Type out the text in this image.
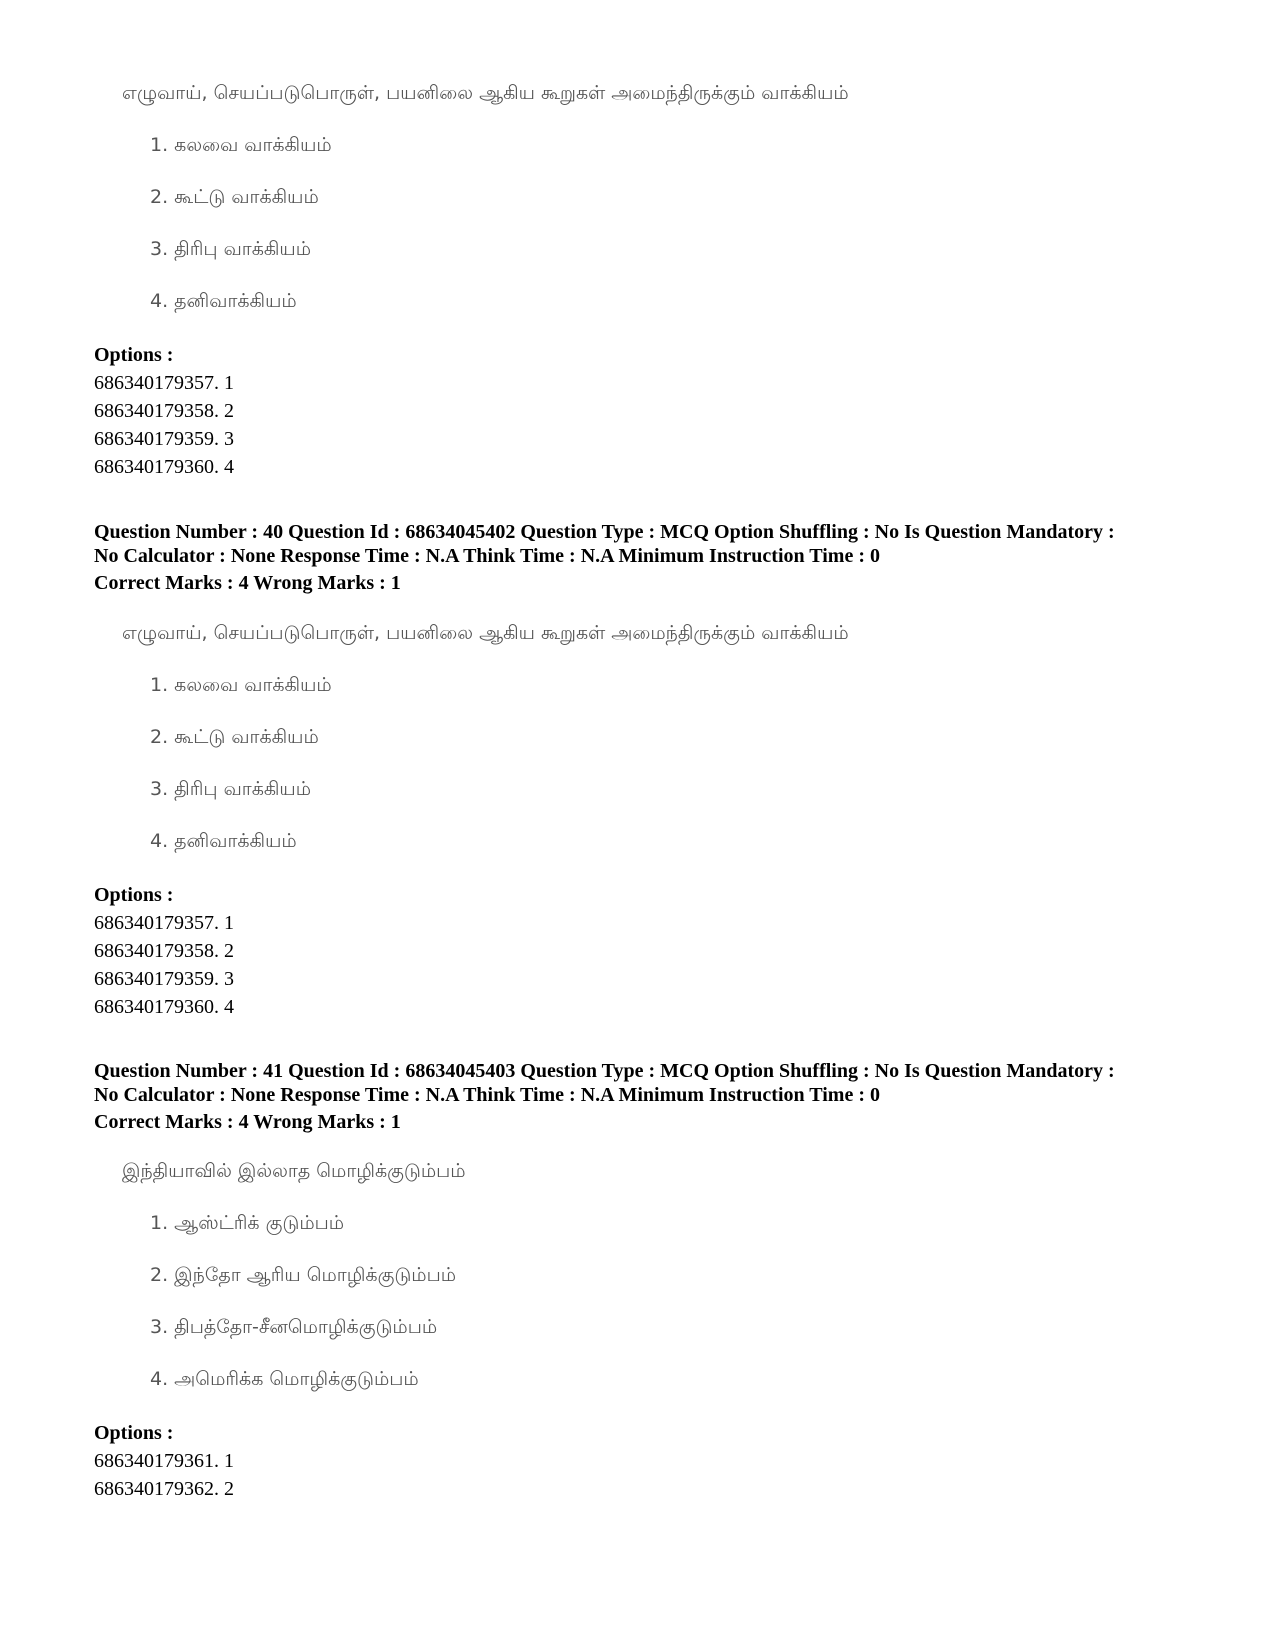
எழுவாய், செயப்படுபொருள், பயனிலை ஆகிய கூறுகள் அமைந்திருக்கும் வாக்கியம்
1. கலவை வாக்கியம்
2. கூட்டு வாக்கியம்
3. திரிபு வாக்கியம்
4. தனிவாக்கியம்
Options :
686340179357. 1
686340179358. 2
686340179359. 3
686340179360. 4
Question Number : 40 Question Id : 68634045402 Question Type : MCQ Option Shuffling : No Is Question Mandatory :
No Calculator : None Response Time : N.A Think Time : N.A Minimum Instruction Time : 0
Correct Marks : 4 Wrong Marks : 1
எழுவாய், செயப்படுபொருள், பயனிலை ஆகிய கூறுகள் அமைந்திருக்கும் வாக்கியம்
1. கலவை வாக்கியம்
2. கூட்டு வாக்கியம்
3. திரிபு வாக்கியம்
4. தனிவாக்கியம்
Options :
686340179357. 1
686340179358. 2
686340179359. 3
686340179360. 4
Question Number : 41 Question Id : 68634045403 Question Type : MCQ Option Shuffling : No Is Question Mandatory :
No Calculator : None Response Time : N.A Think Time : N.A Minimum Instruction Time : 0
Correct Marks : 4 Wrong Marks : 1
இந்தியாவில் இல்லாத மொழிக்குடும்பம்
1. ஆஸ்ட்ரிக் குடும்பம்
2. இந்தோ ஆரிய மொழிக்குடும்பம்
3. திபத்தோ-சீனமொழிக்குடும்பம்
4. அமெரிக்க மொழிக்குடும்பம்
Options :
686340179361. 1
686340179362. 2
